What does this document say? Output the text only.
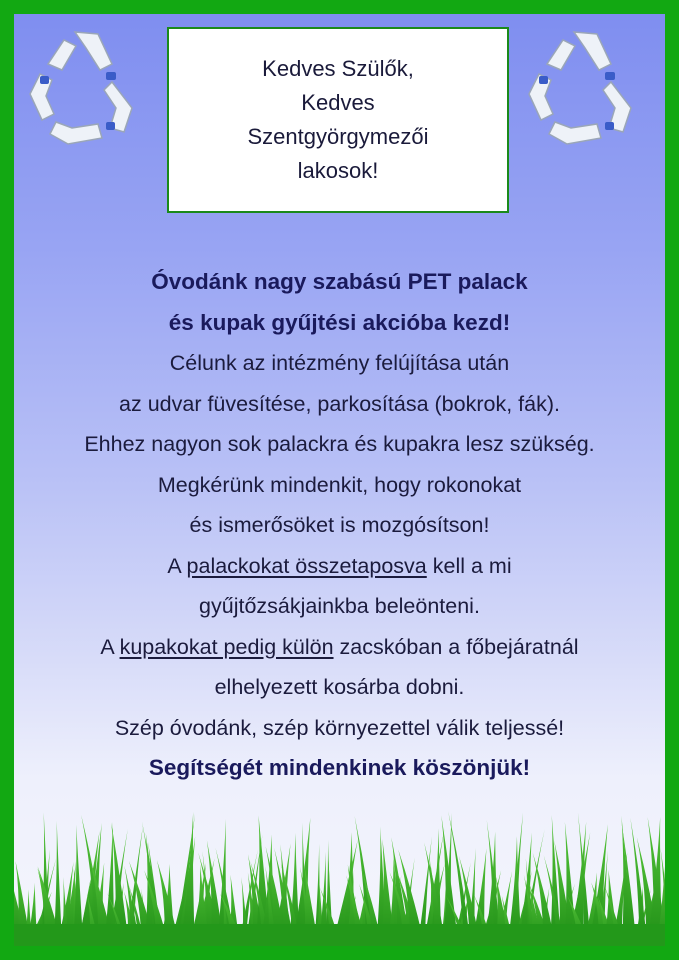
Kedves Szülők,
Kedves
Szentgyörgymezői
lakosok!
Óvodánk nagy szabású PET palack
és kupak gyűjtési akcióba kezd!
Célunk az intézmény felújítása után
az udvar füvesítése, parkosítása (bokrok, fák).
Ehhez nagyon sok palackra és kupakra lesz szükség.
Megkérünk mindenkit, hogy rokonokat
és ismerősöket is mozgósítson!
A palackokat összetaposva kell a mi
gyűjtőzsákjainkba beleönteni.
A kupakokat pedig külön zacskóban a főbejáratnál
elhelyezett kosárba dobni.
Szép óvodánk, szép környezettel válik teljessé!
Segítségét mindenkinek köszönjük!
